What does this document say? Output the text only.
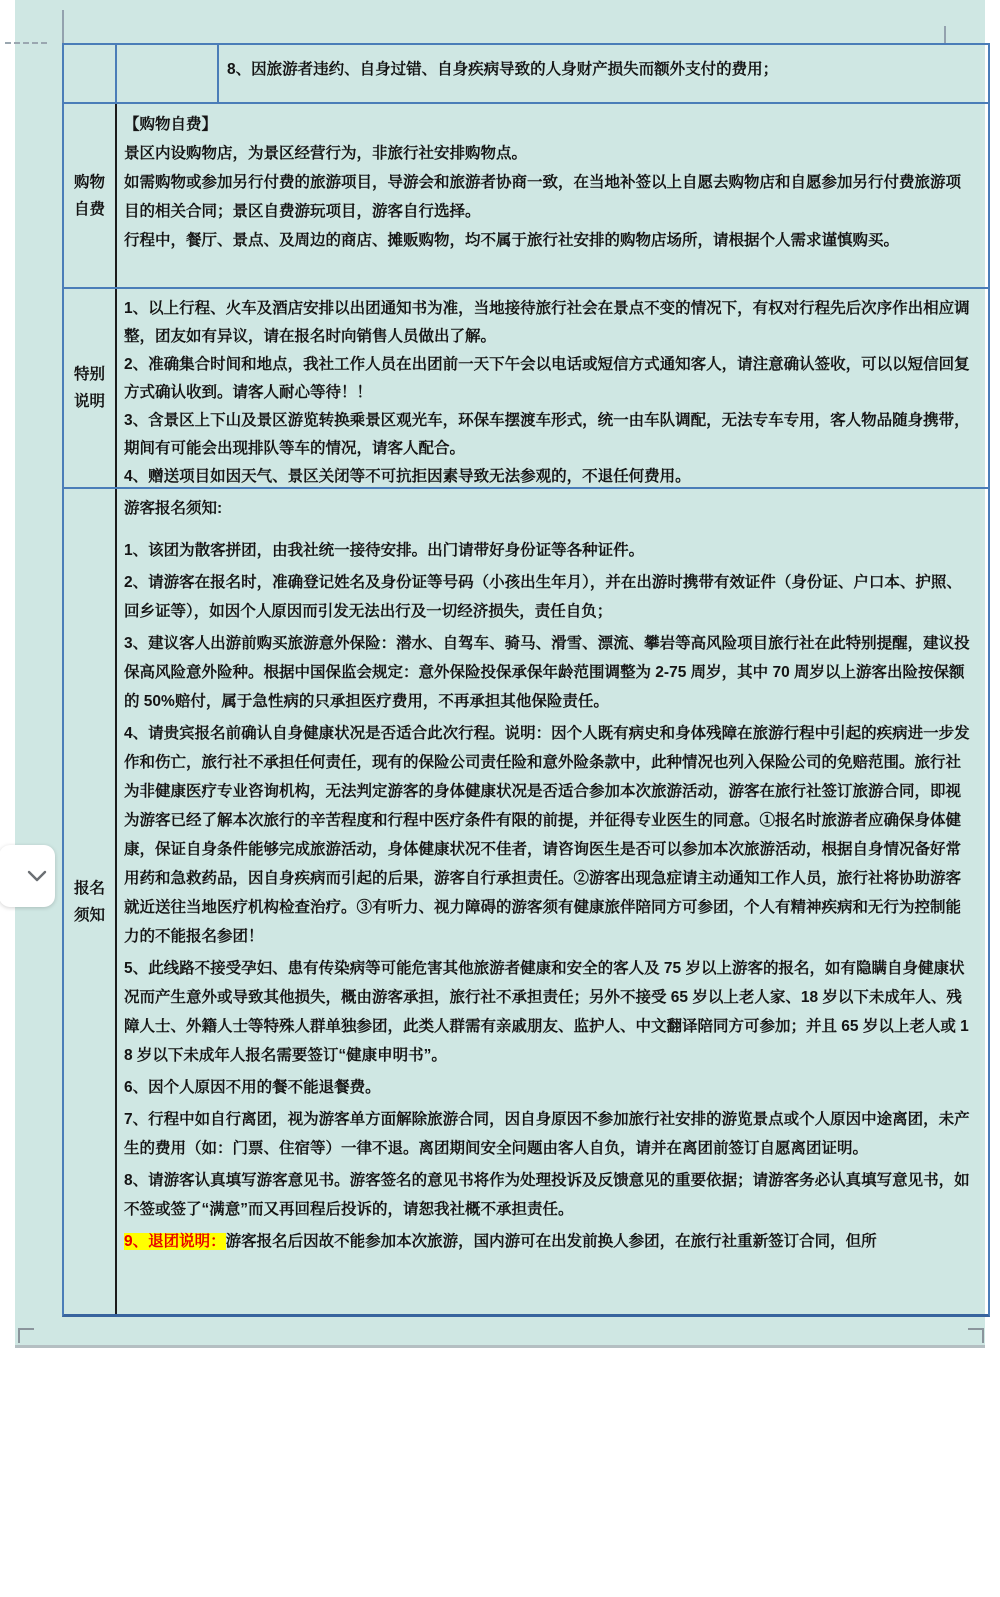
8、因旅游者违约、自身过错、自身疾病导致的人身财产损失而额外支付的费用；

购物自费

【购物自费】

景区内设购物店，为景区经营行为，非旅行社安排购物点。

如需购物或参加另行付费的旅游项目，导游会和旅游者协商一致，在当地补签以上自愿去购物店和自愿参加另行付费旅游项目的相关合同；景区自费游玩项目，游客自行选择。

行程中，餐厅、景点、及周边的商店、摊贩购物，均不属于旅行社安排的购物店场所，请根据个人需求谨慎购买。

特别说明

1、以上行程、火车及酒店安排以出团通知书为准，当地接待旅行社会在景点不变的情况下，有权对行程先后次序作出相应调整，团友如有异议，请在报名时向销售人员做出了解。

2、准确集合时间和地点，我社工作人员在出团前一天下午会以电话或短信方式通知客人，请注意确认签收，可以以短信回复方式确认收到。请客人耐心等待！！

3、含景区上下山及景区游览转换乘景区观光车，环保车摆渡车形式，统一由车队调配，无法专车专用，客人物品随身携带，期间有可能会出现排队等车的情况，请客人配合。

4、赠送项目如因天气、景区关闭等不可抗拒因素导致无法参观的，不退任何费用。

报名须知

游客报名须知:

1、该团为散客拼团，由我社统一接待安排。出门请带好身份证等各种证件。

2、请游客在报名时，准确登记姓名及身份证等号码（小孩出生年月），并在出游时携带有效证件（身份证、户口本、护照、回乡证等），如因个人原因而引发无法出行及一切经济损失，责任自负；

3、建议客人出游前购买旅游意外保险：潜水、自驾车、骑马、滑雪、漂流、攀岩等高风险项目旅行社在此特别提醒，建议投保高风险意外险种。根据中国保监会规定：意外保险投保承保年龄范围调整为 2-75 周岁，其中 70 周岁以上游客出险按保额的 50%赔付，属于急性病的只承担医疗费用，不再承担其他保险责任。

4、请贵宾报名前确认自身健康状况是否适合此次行程。说明：因个人既有病史和身体残障在旅游行程中引起的疾病进一步发作和伤亡，旅行社不承担任何责任，现有的保险公司责任险和意外险条款中，此种情况也列入保险公司的免赔范围。旅行社为非健康医疗专业咨询机构，无法判定游客的身体健康状况是否适合参加本次旅游活动，游客在旅行社签订旅游合同，即视为游客已经了解本次旅行的辛苦程度和行程中医疗条件有限的前提，并征得专业医生的同意。①报名时旅游者应确保身体健康，保证自身条件能够完成旅游活动，身体健康状况不佳者，请咨询医生是否可以参加本次旅游活动，根据自身情况备好常用药和急救药品，因自身疾病而引起的后果，游客自行承担责任。②游客出现急症请主动通知工作人员，旅行社将协助游客就近送往当地医疗机构检查治疗。③有听力、视力障碍的游客须有健康旅伴陪同方可参团，个人有精神疾病和无行为控制能力的不能报名参团！

5、此线路不接受孕妇、患有传染病等可能危害其他旅游者健康和安全的客人及 75 岁以上游客的报名，如有隐瞒自身健康状况而产生意外或导致其他损失，概由游客承担，旅行社不承担责任；另外不接受 65 岁以上老人家、18 岁以下未成年人、残障人士、外籍人士等特殊人群单独参团，此类人群需有亲戚朋友、监护人、中文翻译陪同方可参加；并且 65 岁以上老人或 18 岁以下未成年人报名需要签订“健康申明书”。

6、因个人原因不用的餐不能退餐费。

7、行程中如自行离团，视为游客单方面解除旅游合同，因自身原因不参加旅行社安排的游览景点或个人原因中途离团，未产生的费用（如：门票、住宿等）一律不退。离团期间安全问题由客人自负，请并在离团前签订自愿离团证明。

8、请游客认真填写游客意见书。游客签名的意见书将作为处理投诉及反馈意见的重要依据；请游客务必认真填写意见书，如不签或签了“满意”而又再回程后投诉的，请恕我社概不承担责任。

9、退团说明：游客报名后因故不能参加本次旅游，国内游可在出发前换人参团，在旅行社重新签订合同，但所
